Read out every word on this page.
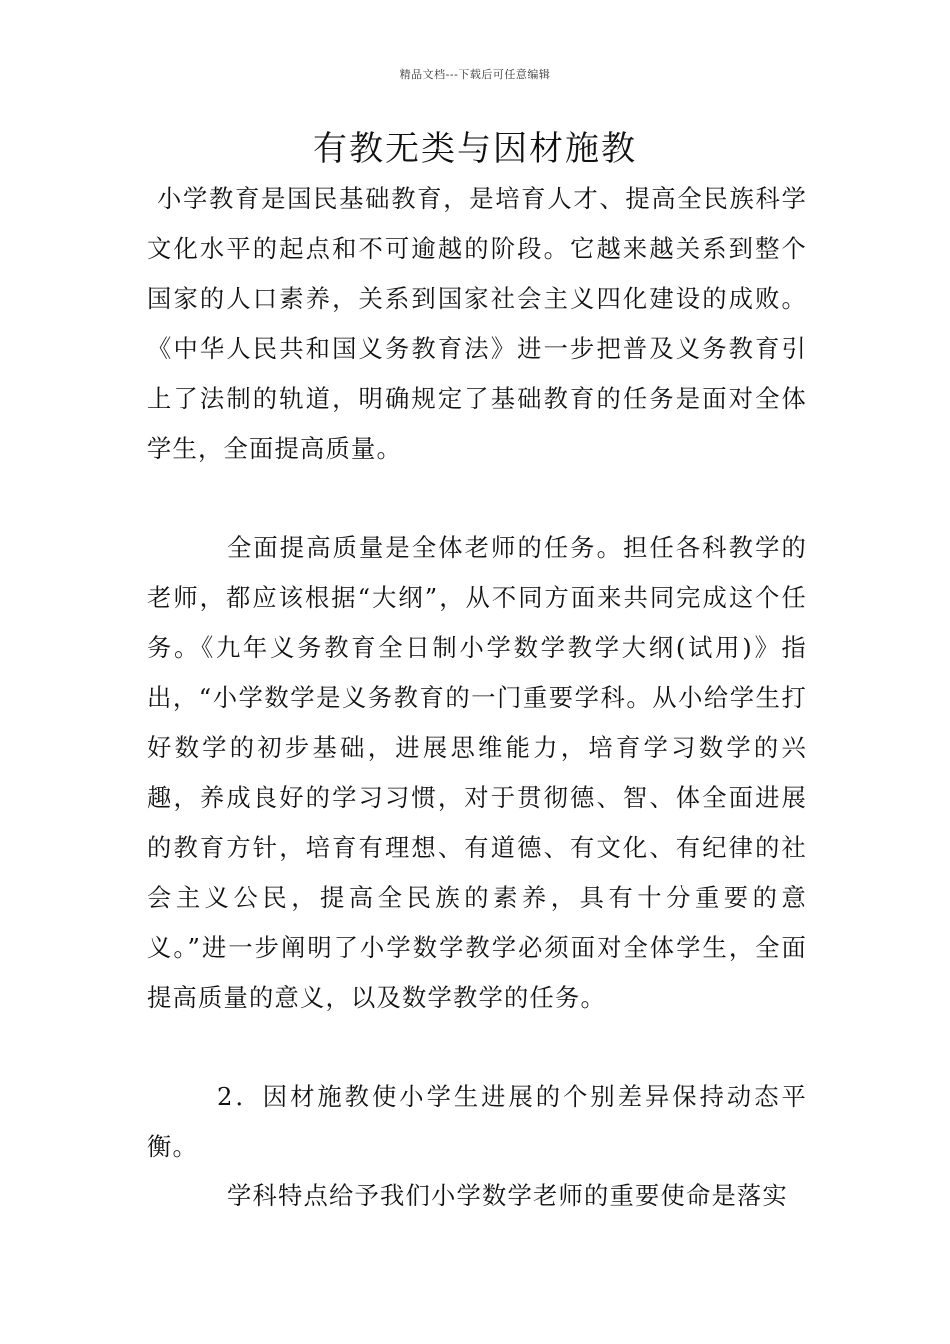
精品文档---下载后可任意编辑
有教无类与因材施教

小学教育是国民基础教育，是培育人才、提高全民族科学文化水平的起点和不可逾越的阶段。它越来越关系到整个国家的人口素养，关系到国家社会主义四化建设的成败。《中华人民共和国义务教育法》进一步把普及义务教育引上了法制的轨道，明确规定了基础教育的任务是面对全体学生，全面提高质量。

全面提高质量是全体老师的任务。担任各科教学的老师，都应该根据“大纲”，从不同方面来共同完成这个任务。《九年义务教育全日制小学数学教学大纲(试用)》指出，“小学数学是义务教育的一门重要学科。从小给学生打好数学的初步基础，进展思维能力，培育学习数学的兴趣，养成良好的学习习惯，对于贯彻德、智、体全面进展的教育方针，培育有理想、有道德、有文化、有纪律的社会主义公民，提高全民族的素养，具有十分重要的意义。”进一步阐明了小学数学教学必须面对全体学生，全面提高质量的意义，以及数学教学的任务。

2．因材施教使小学生进展的个别差异保持动态平衡。

学科特点给予我们小学数学老师的重要使命是落实
